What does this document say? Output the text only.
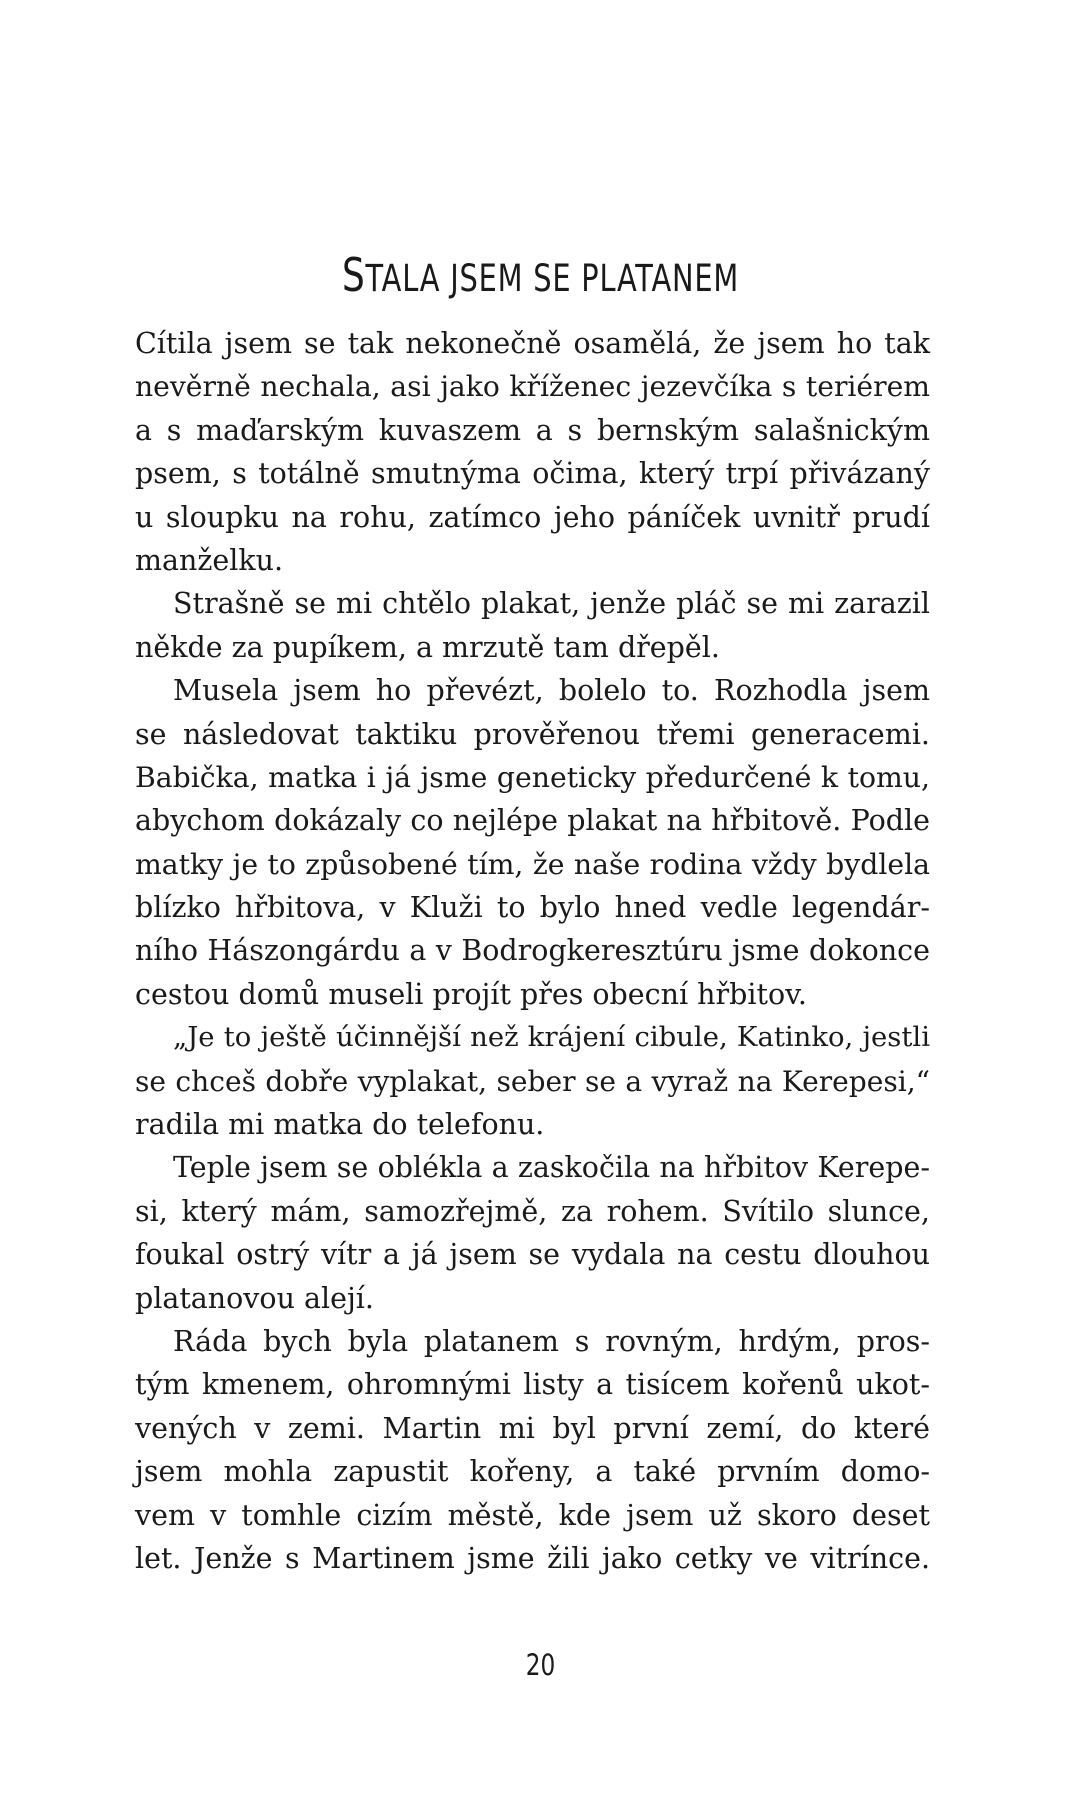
STALA JSEM SE PLATANEM
Cítila jsem se tak nekonečně osamělá, že jsem ho tak
nevěrně nechala, asi jako kříženec jezevčíka s teriérem
a s maďarským kuvaszem a s bernským salašnickým
psem, s totálně smutnýma očima, který trpí přivázaný
u sloupku na rohu, zatímco jeho páníček uvnitř prudí
manželku.
Strašně se mi chtělo plakat, jenže pláč se mi zarazil
někde za pupíkem, a mrzutě tam dřepěl.
Musela jsem ho převézt, bolelo to. Rozhodla jsem
se následovat taktiku prověřenou třemi generacemi.
Babička, matka i já jsme geneticky předurčené k tomu,
abychom dokázaly co nejlépe plakat na hřbitově. Podle
matky je to způsobené tím, že naše rodina vždy bydlela
blízko hřbitova, v Kluži to bylo hned vedle legendár-
ního Hászongárdu a v Bodrogkeresztúru jsme dokonce
cestou domů museli projít přes obecní hřbitov.
„Je to ještě účinnější než krájení cibule, Katinko, jestli
se chceš dobře vyplakat, seber se a vyraž na Kerepesi,“
radila mi matka do telefonu.
Teple jsem se oblékla a zaskočila na hřbitov Kerepe-
si, který mám, samozřejmě, za rohem. Svítilo slunce,
foukal ostrý vítr a já jsem se vydala na cestu dlouhou
platanovou alejí.
Ráda bych byla platanem s rovným, hrdým, pros-
tým kmenem, ohromnými listy a tisícem kořenů ukot-
vených v zemi. Martin mi byl první zemí, do které
jsem mohla zapustit kořeny, a také prvním domo-
vem v tomhle cizím městě, kde jsem už skoro deset
let. Jenže s Martinem jsme žili jako cetky ve vitrínce.
20
